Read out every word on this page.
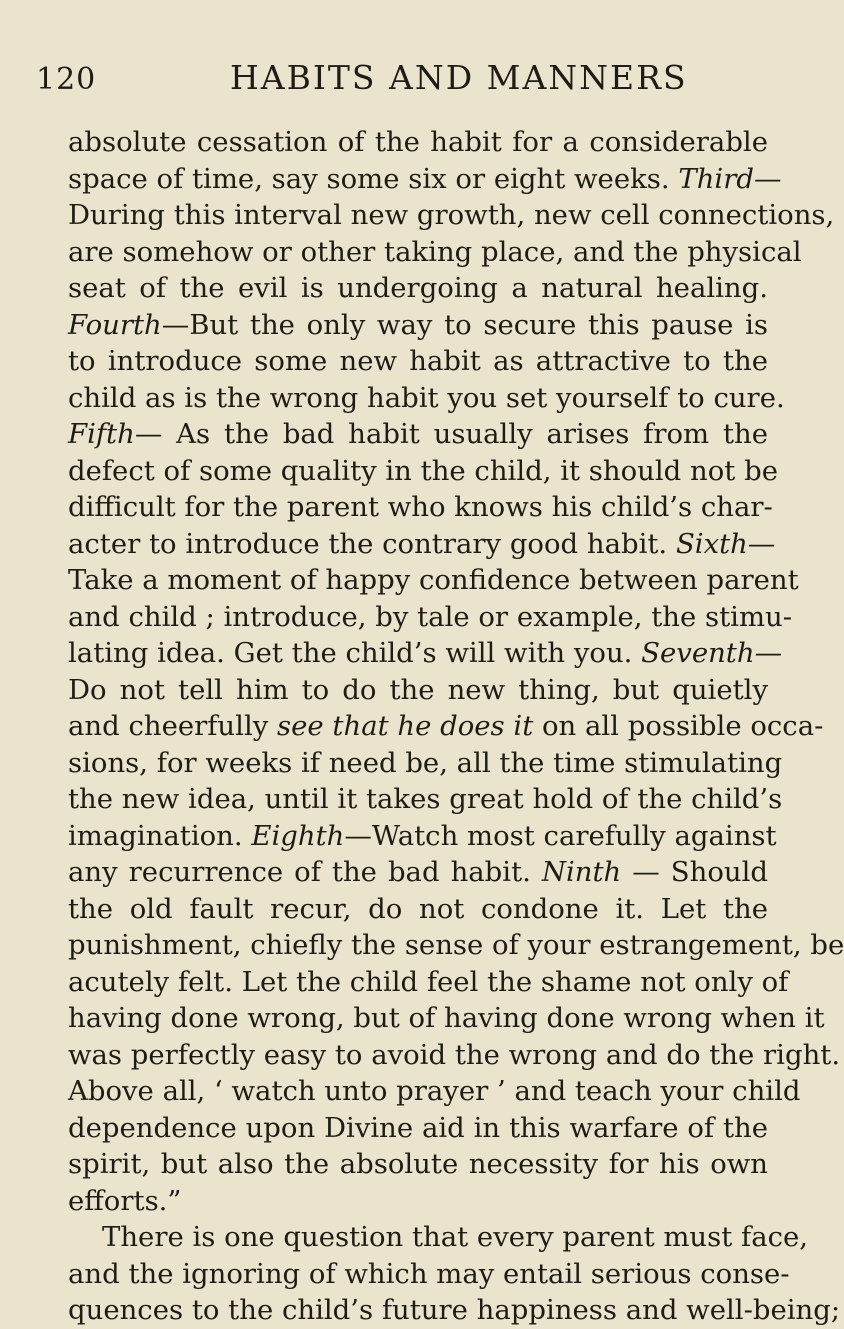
120	HABITS AND MANNERS
absolute cessation of the habit for a considerable
space of time, say some six or eight weeks. Third—
During this interval new growth, new cell connections,
are somehow or other taking place, and the physical
seat of the evil is undergoing a natural healing.
Fourth—But the only way to secure this pause is
to introduce some new habit as attractive to the
child as is the wrong habit you set yourself to cure.
Fifth— As the bad habit usually arises from the
defect of some quality in the child, it should not be
difficult for the parent who knows his child’s char-
acter to introduce the contrary good habit. Sixth—
Take a moment of happy confidence between parent
and child ; introduce, by tale or example, the stimu-
lating idea. Get the child’s will with you. Seventh—
Do not tell him to do the new thing, but quietly
and cheerfully see that he does it on all possible occa-
sions, for weeks if need be, all the time stimulating
the new idea, until it takes great hold of the child’s
imagination. Eighth—Watch most carefully against
any recurrence of the bad habit. Ninth — Should
the old fault recur, do not condone it. Let the
punishment, chiefly the sense of your estrangement, be
acutely felt. Let the child feel the shame not only of
having done wrong, but of having done wrong when it
was perfectly easy to avoid the wrong and do the right.
Above all, ‘ watch unto prayer ’ and teach your child
dependence upon Divine aid in this warfare of the
spirit, but also the absolute necessity for his own
efforts.”
There is one question that every parent must face,
and the ignoring of which may entail serious conse-
quences to the child’s future happiness and well-being;
